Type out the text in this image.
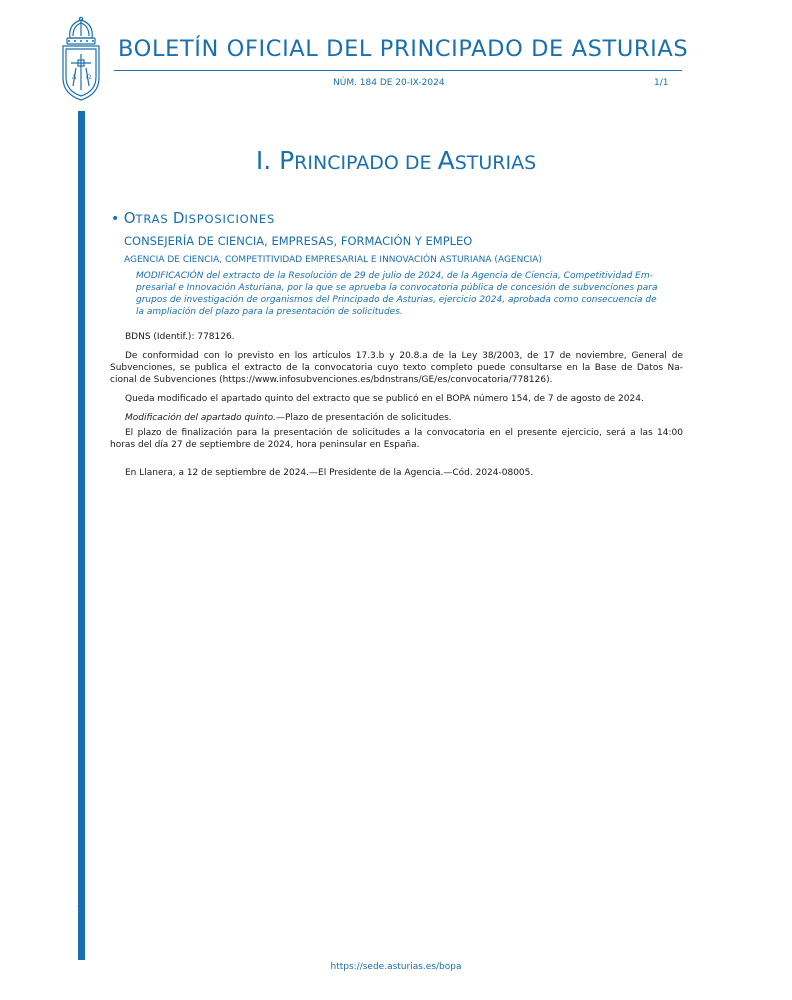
A Ω
BOLETÍN OFICIAL DEL PRINCIPADO DE ASTURIAS
NÚM. 184 DE 20-IX-2024	1/1
Cód. 2024-08005
I. PRINCIPADO DE ASTURIAS
• OTRAS DISPOSICIONES
CONSEJERÍA DE CIENCIA, EMPRESAS, FORMACIÓN Y EMPLEO
AGENCIA DE CIENCIA, COMPETITIVIDAD EMPRESARIAL E INNOVACIÓN ASTURIANA (AGENCIA)
MODIFICACIÓN del extracto de la Resolución de 29 de julio de 2024, de la Agencia de Ciencia, Competitividad Em-
presarial e Innovación Asturiana, por la que se aprueba la convocatoria pública de concesión de subvenciones para
grupos de investigación de organismos del Principado de Asturias, ejercicio 2024, aprobada como consecuencia de
la ampliación del plazo para la presentación de solicitudes.
BDNS (Identif.): 778126.
De conformidad con lo previsto en los artículos 17.3.b y 20.8.a de la Ley 38/2003, de 17 de noviembre, General de
Subvenciones, se publica el extracto de la convocatoria cuyo texto completo puede consultarse en la Base de Datos Na-
cional de Subvenciones (https://www.infosubvenciones.es/bdnstrans/GE/es/convocatoria/778126).
Queda modificado el apartado quinto del extracto que se publicó en el BOPA número 154, de 7 de agosto de 2024.
Modificación del apartado quinto.—Plazo de presentación de solicitudes.
El plazo de finalización para la presentación de solicitudes a la convocatoria en el presente ejercicio, será a las 14:00
horas del día 27 de septiembre de 2024, hora peninsular en España.
En Llanera, a 12 de septiembre de 2024.—El Presidente de la Agencia.—Cód. 2024-08005.
https://sede.asturias.es/bopa
